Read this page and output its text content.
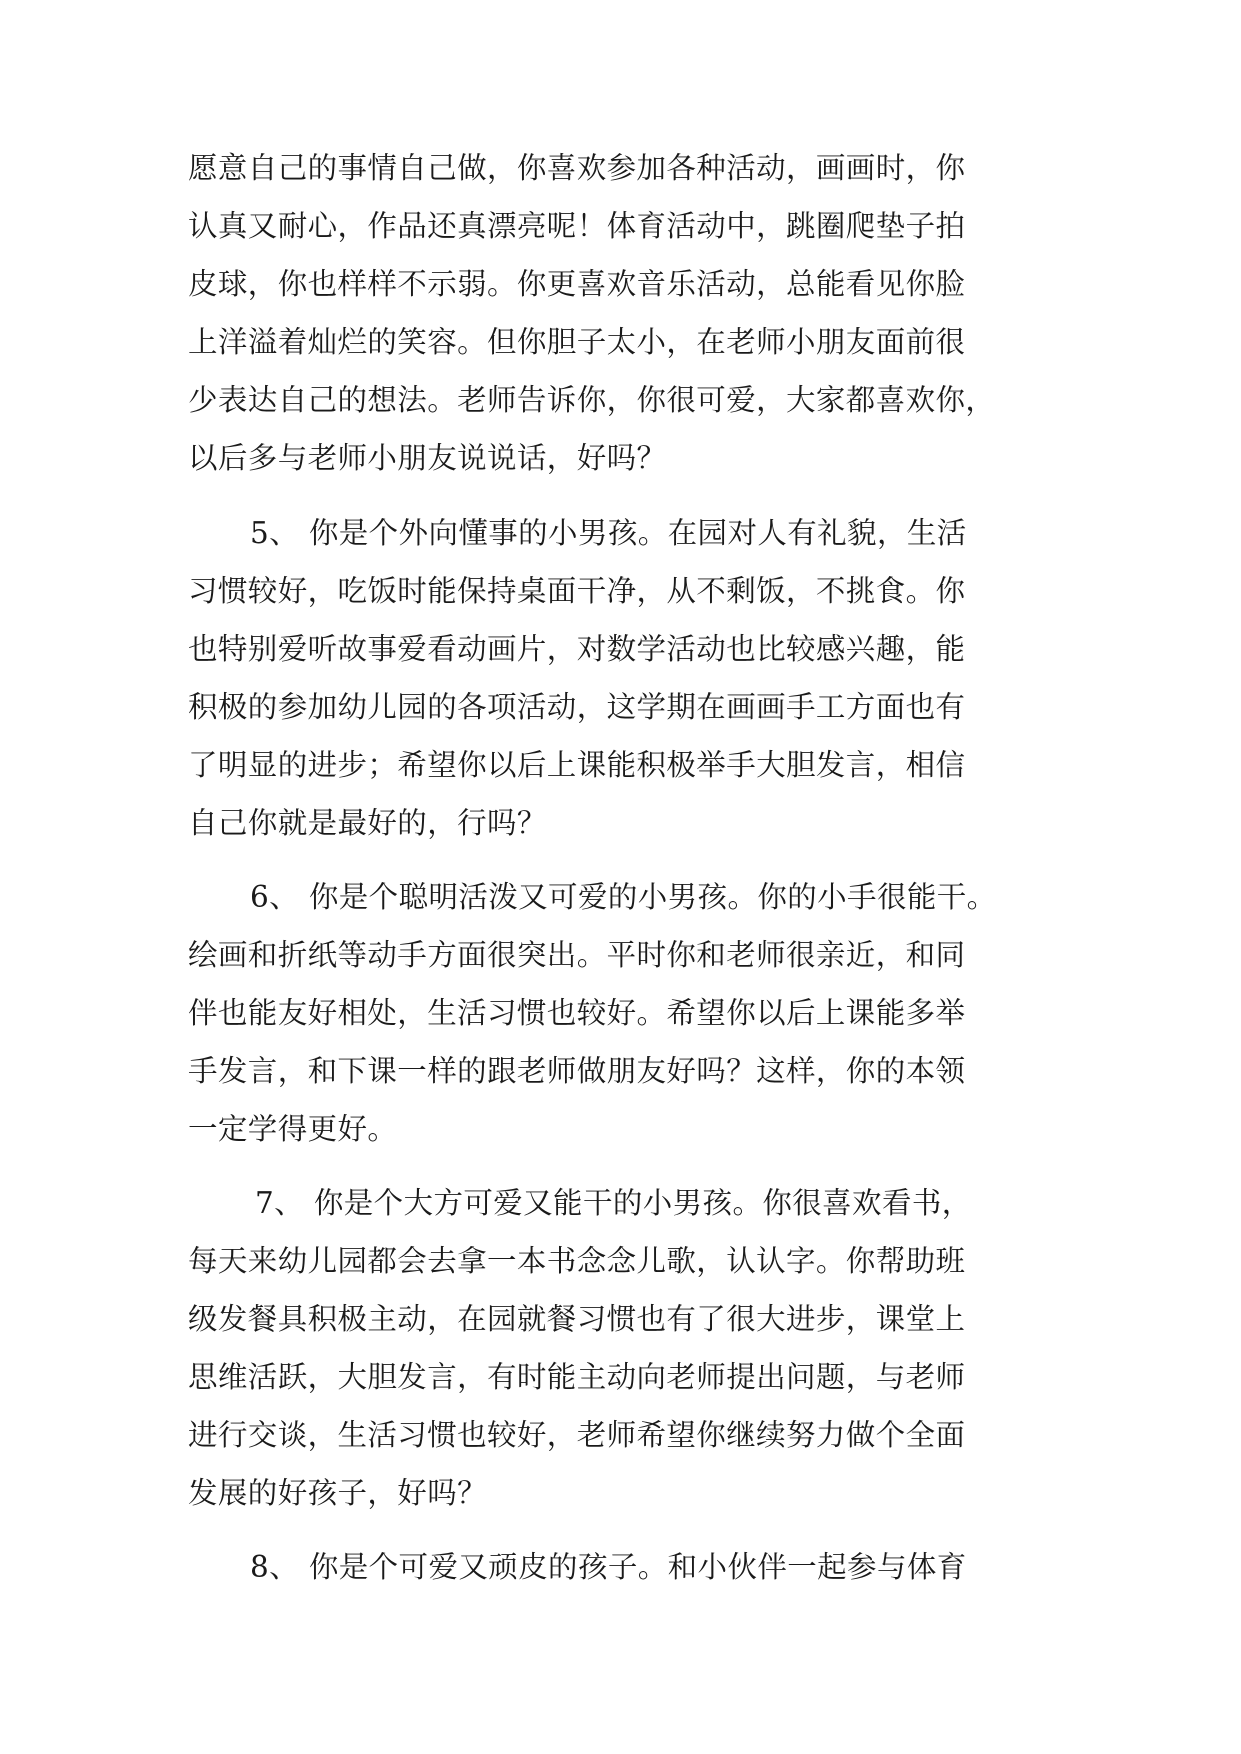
愿意自己的事情自己做，你喜欢参加各种活动，画画时，你
认真又耐心，作品还真漂亮呢！体育活动中，跳圈爬垫子拍
皮球，你也样样不示弱。你更喜欢音乐活动，总能看见你脸
上洋溢着灿烂的笑容。但你胆子太小，在老师小朋友面前很
少表达自己的想法。老师告诉你，你很可爱，大家都喜欢你，
以后多与老师小朋友说说话，好吗？
5、 你是个外向懂事的小男孩。在园对人有礼貌，生活
习惯较好，吃饭时能保持桌面干净，从不剩饭，不挑食。你
也特别爱听故事爱看动画片，对数学活动也比较感兴趣，能
积极的参加幼儿园的各项活动，这学期在画画手工方面也有
了明显的进步；希望你以后上课能积极举手大胆发言，相信
自己你就是最好的，行吗？
6、 你是个聪明活泼又可爱的小男孩。你的小手很能干。
绘画和折纸等动手方面很突出。平时你和老师很亲近，和同
伴也能友好相处，生活习惯也较好。希望你以后上课能多举
手发言，和下课一样的跟老师做朋友好吗？这样，你的本领
一定学得更好。
7、 你是个大方可爱又能干的小男孩。你很喜欢看书，
每天来幼儿园都会去拿一本书念念儿歌，认认字。你帮助班
级发餐具积极主动，在园就餐习惯也有了很大进步，课堂上
思维活跃，大胆发言，有时能主动向老师提出问题，与老师
进行交谈，生活习惯也较好，老师希望你继续努力做个全面
发展的好孩子，好吗？
8、 你是个可爱又顽皮的孩子。和小伙伴一起参与体育
